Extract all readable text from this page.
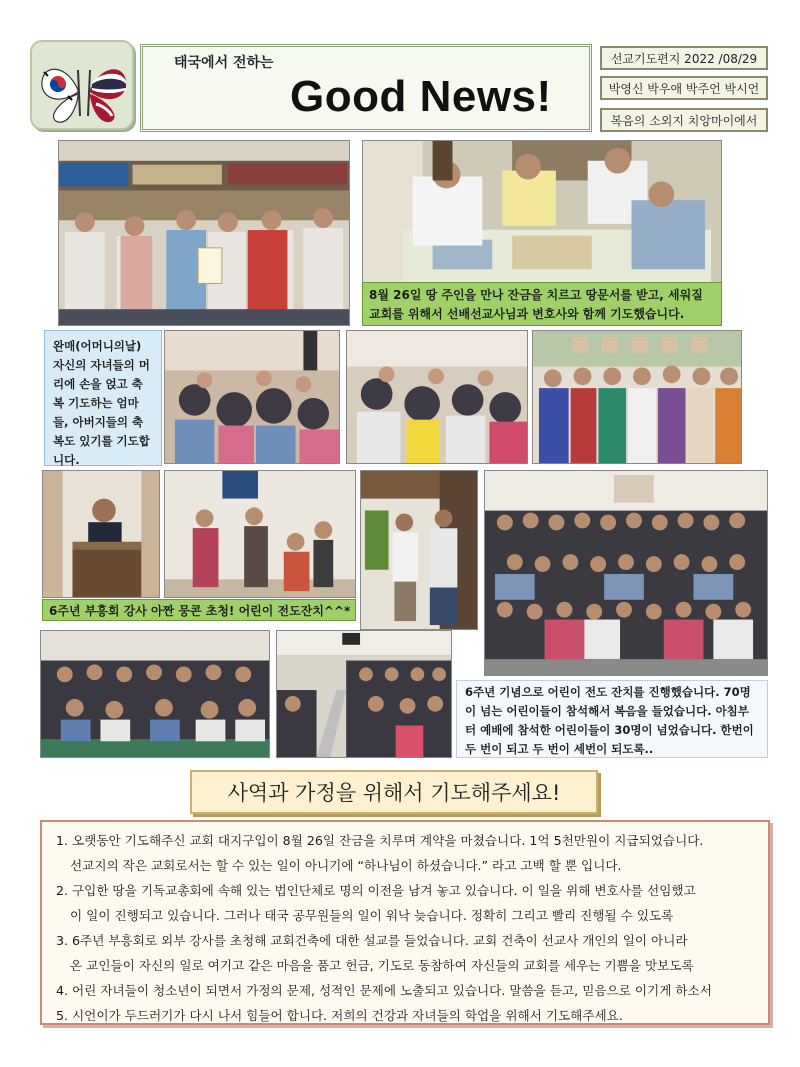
태국에서 전하는
Good News!
선교기도편지 2022 /08/29
박영신 박우애 박주언 박시언
복음의 소외지 치앙마이에서
8월 26일 땅 주인을 만나 잔금을 치르고 땅문서를 받고, 세워질 교회를 위해서 선배선교사님과 변호사와 함께 기도했습니다.
완매(어머니의날) 자신의 자녀들의 머리에 손을 얹고 축복 기도하는 엄마들, 아버지들의 축복도 있기를 기도합니다.
6주년 부흥회 강사 아짠 뭉콘 초청! 어린이 전도잔치^^*
6주년 기념으로 어린이 전도 잔치를 진행했습니다. 70명이 넘는 어린이들이 참석해서 복음을 들었습니다. 아침부터 예배에 참석한 어린이들이 30명이 넘었습니다. 한번이 두 번이 되고 두 번이 세번이 되도록..
사역과 가정을 위해서 기도해주세요!
1. 오랫동안 기도해주신 교회 대지구입이 8월 26일 잔금을 치루며 계약을 마쳤습니다. 1억 5천만원이 지급되었습니다.
선교지의 작은 교회로서는 할 수 있는 일이 아니기에 “하나님이 하셨습니다.” 라고 고백 할 뿐 입니다.
2. 구입한 땅을 기독교총회에 속해 있는 법인단체로 명의 이전을 남겨 놓고 있습니다. 이 일을 위해 변호사를 선임했고
이 일이 진행되고 있습니다. 그러나 태국 공무원들의 일이 워낙 늦습니다. 정확히 그리고 빨리 진행될 수 있도록
3. 6주년 부흥회로 외부 강사를 초청해 교회건축에 대한 설교를 들었습니다. 교회 건축이 선교사 개인의 일이 아니라
온 교인들이 자신의 일로 여기고 같은 마음을 품고 헌금, 기도로 동참하여 자신들의 교회를 세우는 기쁨을 맛보도록
4. 어린 자녀들이 청소년이 되면서 가정의 문제, 성적인 문제에 노출되고 있습니다. 말씀을 듣고, 믿음으로 이기게 하소서
5. 시언이가 두드러기가 다시 나서 힘들어 합니다. 저희의 건강과 자녀들의 학업을 위해서 기도해주세요.
